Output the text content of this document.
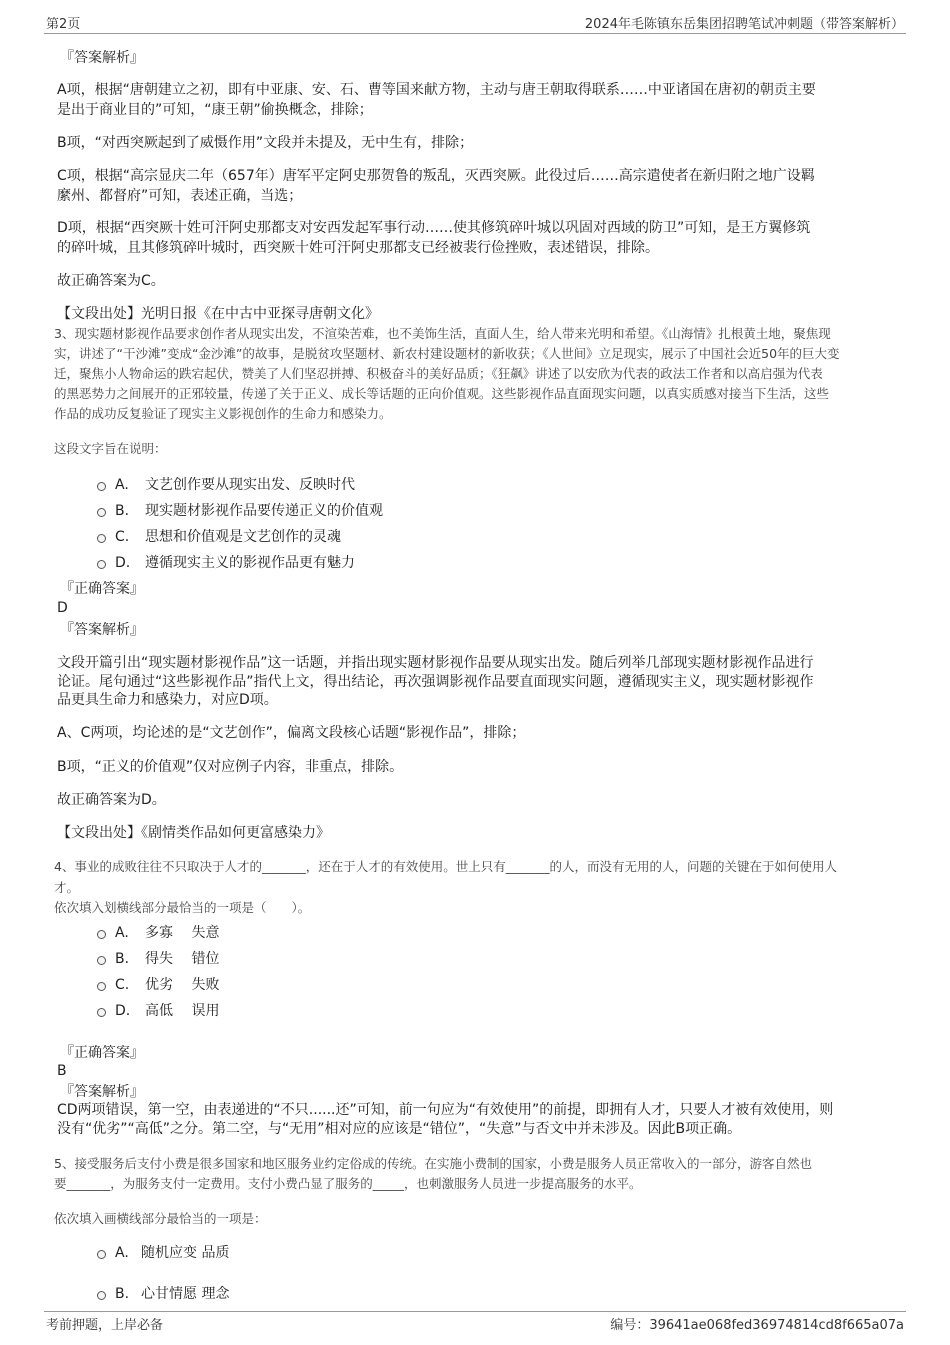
第2页	2024年毛陈镇东岳集团招聘笔试冲刺题（带答案解析）
『答案解析』
A项，根据“唐朝建立之初，即有中亚康、安、石、曹等国来献方物，主动与唐王朝取得联系……中亚诸国在唐初的朝贡主要
是出于商业目的”可知，“康王朝”偷换概念，排除；
B项，“对西突厥起到了威慑作用”文段并未提及，无中生有，排除；
C项，根据“高宗显庆二年（657年）唐军平定阿史那贺鲁的叛乱，灭西突厥。此役过后……高宗遣使者在新归附之地广设羁
縻州、都督府”可知，表述正确，当选；
D项，根据“西突厥十姓可汗阿史那都支对安西发起军事行动……使其修筑碎叶城以巩固对西域的防卫”可知，是王方翼修筑
的碎叶城，且其修筑碎叶城时，西突厥十姓可汗阿史那都支已经被裴行俭挫败，表述错误，排除。
故正确答案为C。
【文段出处】光明日报《在中古中亚探寻唐朝文化》
3、现实题材影视作品要求创作者从现实出发，不渲染苦难，也不美饰生活，直面人生，给人带来光明和希望。《山海情》扎根黄土地，聚焦现
实，讲述了“干沙滩”变成“金沙滩”的故事，是脱贫攻坚题材、新农村建设题材的新收获；《人世间》立足现实，展示了中国社会近50年的巨大变
迁，聚焦小人物命运的跌宕起伏，赞美了人们坚忍拼搏、积极奋斗的美好品质；《狂飙》讲述了以安欣为代表的政法工作者和以高启强为代表
的黑恶势力之间展开的正邪较量，传递了关于正义、成长等话题的正向价值观。这些影视作品直面现实问题，以真实质感对接当下生活，这些
作品的成功反复验证了现实主义影视创作的生命力和感染力。
这段文字旨在说明：
A.	文艺创作要从现实出发、反映时代
B.	现实题材影视作品要传递正义的价值观
C.	思想和价值观是文艺创作的灵魂
D.	遵循现实主义的影视作品更有魅力
『正确答案』
D
『答案解析』
文段开篇引出“现实题材影视作品”这一话题，并指出现实题材影视作品要从现实出发。随后列举几部现实题材影视作品进行
论证。尾句通过“这些影视作品”指代上文，得出结论，再次强调影视作品要直面现实问题，遵循现实主义，现实题材影视作
品更具生命力和感染力，对应D项。
A、C两项，均论述的是“文艺创作”，偏离文段核心话题“影视作品”，排除；
B项，“正义的价值观”仅对应例子内容，非重点，排除。
故正确答案为D。
【文段出处】《剧情类作品如何更富感染力》
4、事业的成败往往不只取决于人才的_______，还在于人才的有效使用。世上只有_______的人，而没有无用的人，问题的关键在于如何使用人
才。
依次填入划横线部分最恰当的一项是（　　）。
A.	多寡　 失意
B.	得失　 错位
C.	优劣　 失败
D.	高低　 误用
『正确答案』
B
『答案解析』
CD两项错误，第一空，由表递进的“不只......还”可知，前一句应为“有效使用”的前提，即拥有人才，只要人才被有效使用，则
没有“优劣”“高低”之分。第二空，与“无用”相对应的应该是“错位”，“失意”与否文中并未涉及。因此B项正确。
5、接受服务后支付小费是很多国家和地区服务业约定俗成的传统。在实施小费制的国家，小费是服务人员正常收入的一部分，游客自然也
要_______，为服务支付一定费用。支付小费凸显了服务的_____，也刺激服务人员进一步提高服务的水平。
依次填入画横线部分最恰当的一项是：
A. 随机应变 品质
B. 心甘情愿 理念
考前押题，上岸必备	编号：39641ae068fed36974814cd8f665a07a
